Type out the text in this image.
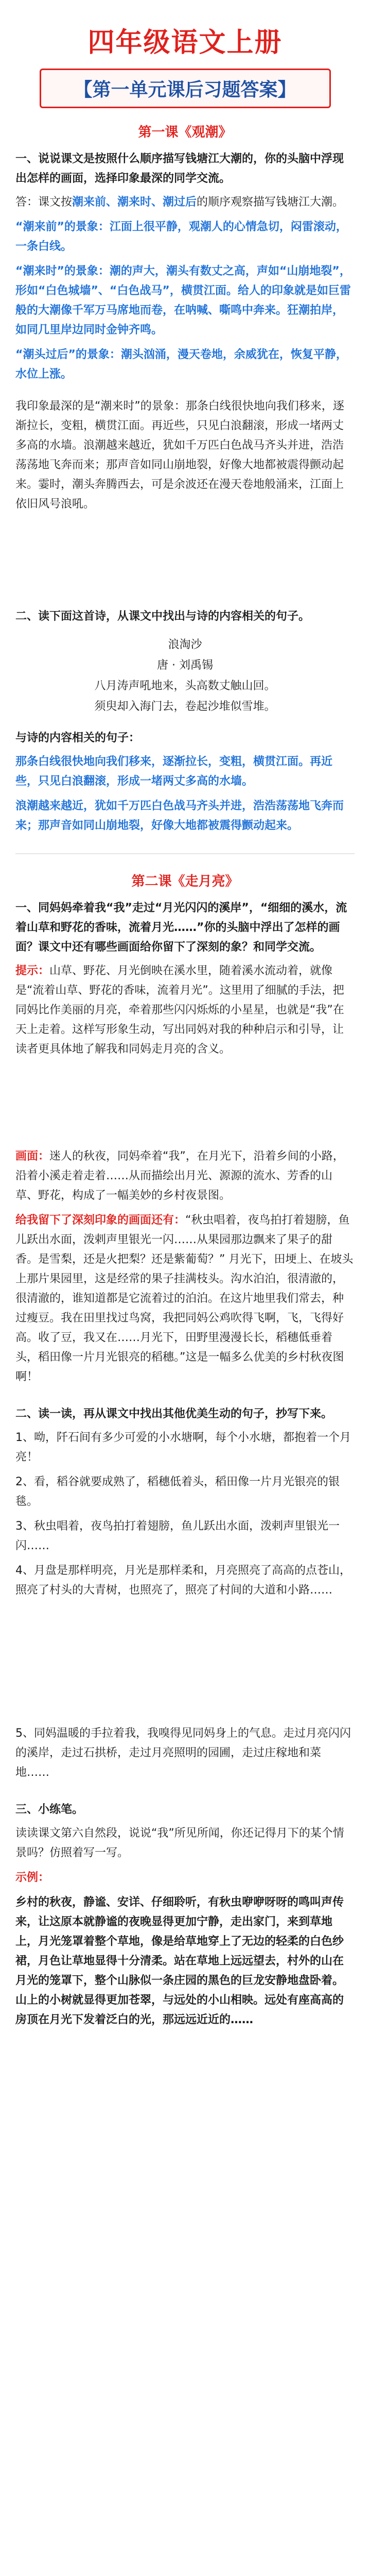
四年级语文上册
【第一单元课后习题答案】
第一课《观潮》
一、说说课文是按照什么顺序描写钱塘江大潮的，你的头脑中浮现出怎样的画面，选择印象最深的同学交流。
答：课文按潮来前、潮来时、潮过后的顺序观察描写钱塘江大潮。
“潮来前”的景象：江面上很平静，观潮人的心情急切，闷雷滚动，一条白线。
“潮来时”的景象：潮的声大，潮头有数丈之高，声如“山崩地裂”，形如“白色城墙”、“白色战马”，横贯江面。给人的印象就是如巨雷般的大潮像千军万马席地而卷，在呐喊、嘶鸣中奔来。狂潮拍岸，如同几里岸边同时金钟齐鸣。
“潮头过后”的景象：潮头汹涌，漫天卷地，余威犹在，恢复平静，水位上涨。
我印象最深的是“潮来时”的景象：那条白线很快地向我们移来，逐渐拉长，变粗，横贯江面。再近些，只见白浪翻滚，形成一堵两丈多高的水墙。浪潮越来越近，犹如千万匹白色战马齐头并进，浩浩荡荡地飞奔而来；那声音如同山崩地裂，好像大地都被震得颤动起来。霎时，潮头奔腾西去，可是余波还在漫天卷地般涌来，江面上依旧风号浪吼。
二、读下面这首诗，从课文中找出与诗的内容相关的句子。
浪淘沙
唐 · 刘禹锡
八月涛声吼地来，头高数丈触山回。
须臾却入海门去，卷起沙堆似雪堆。
与诗的内容相关的句子：
那条白线很快地向我们移来，逐渐拉长，变粗，横贯江面。再近些，只见白浪翻滚，形成一堵两丈多高的水墙。
浪潮越来越近，犹如千万匹白色战马齐头并进，浩浩荡荡地飞奔而来；那声音如同山崩地裂，好像大地都被震得颤动起来。
第二课《走月亮》
一、同妈妈牵着我“我”走过“月光闪闪的溪岸”，“细细的溪水，流着山草和野花的香味，流着月光……”你的头脑中浮出了怎样的画面？课文中还有哪些画面给你留下了深刻的象？和同学交流。
提示：山草、野花、月光倒映在溪水里，随着溪水流动着，就像是“流着山草、野花的香味，流着月光”。这里用了细腻的手法，把同妈比作美丽的月亮，牵着那些闪闪烁烁的小星星，也就是“我”在天上走着。这样写形象生动，写出同妈对我的种种启示和引导，让读者更具体地了解我和同妈走月亮的含义。
画面：迷人的秋夜，同妈牵着“我”，在月光下，沿着乡间的小路，沿着小溪走着走着……从而描绘出月光、源源的流水、芳香的山草、野花，构成了一幅美妙的乡村夜景图。
给我留下了深刻印象的画面还有：“秋虫唱着，夜鸟拍打着翅膀，鱼儿跃出水面，泼剌声里银光一闪……从果园那边飘来了果子的甜香。是雪梨，还是火把梨？还是紫葡萄？” 月光下，田埂上、在坡头上那片果园里，这是经常的果子挂满枝头。沟水泊泊，很清澈的，很清澈的，谁知道都是它流着过的泊泊。在这片地里我们常去，种过瘦豆。我在田里找过鸟窝，我把同妈公鸡吹得飞啊，飞，飞得好高。收了豆，我又在……月光下，田野里漫漫长长，稻穗低垂着头，稻田像一片月光银亮的稻穗。”这是一幅多么优美的乡村秋夜图啊！
二、读一读，再从课文中找出其他优美生动的句子，抄写下来。
1、呦，阡石间有多少可爱的小水塘啊，每个小水塘，都抱着一个月亮！
2、看，稻谷就要成熟了，稻穗低着头，稻田像一片月光银亮的银毯。
3、秋虫唱着，夜鸟拍打着翅膀，鱼儿跃出水面，泼剌声里银光一闪……
4、月盘是那样明亮，月光是那样柔和，月亮照亮了高高的点苍山，照亮了村头的大青树，也照亮了，照亮了村间的大道和小路……
5、同妈温暖的手拉着我，我嗅得见同妈身上的气息。走过月亮闪闪的溪岸，走过石拱桥，走过月亮照明的园圃，走过庄稼地和菜地……
三、小练笔。
读读课文第六自然段，说说“我”所见所闻，你还记得月下的某个情景吗？仿照着写一写。
示例：
乡村的秋夜，静谧、安详、仔细聆听，有秋虫咿咿呀呀的鸣叫声传来，让这原本就静谧的夜晚显得更加宁静，走出家门，来到草地上，月光笼罩着整个草地，像是给草地穿上了无边的轻柔的白色纱裙，月色让草地显得十分清柔。站在草地上远远望去，村外的山在月光的笼罩下，整个山脉似一条庄园的黑色的巨龙安静地盘卧着。山上的小树就显得更加苍翠，与远处的小山相映。远处有座高高的房顶在月光下发着泛白的光，那远远近近的……
